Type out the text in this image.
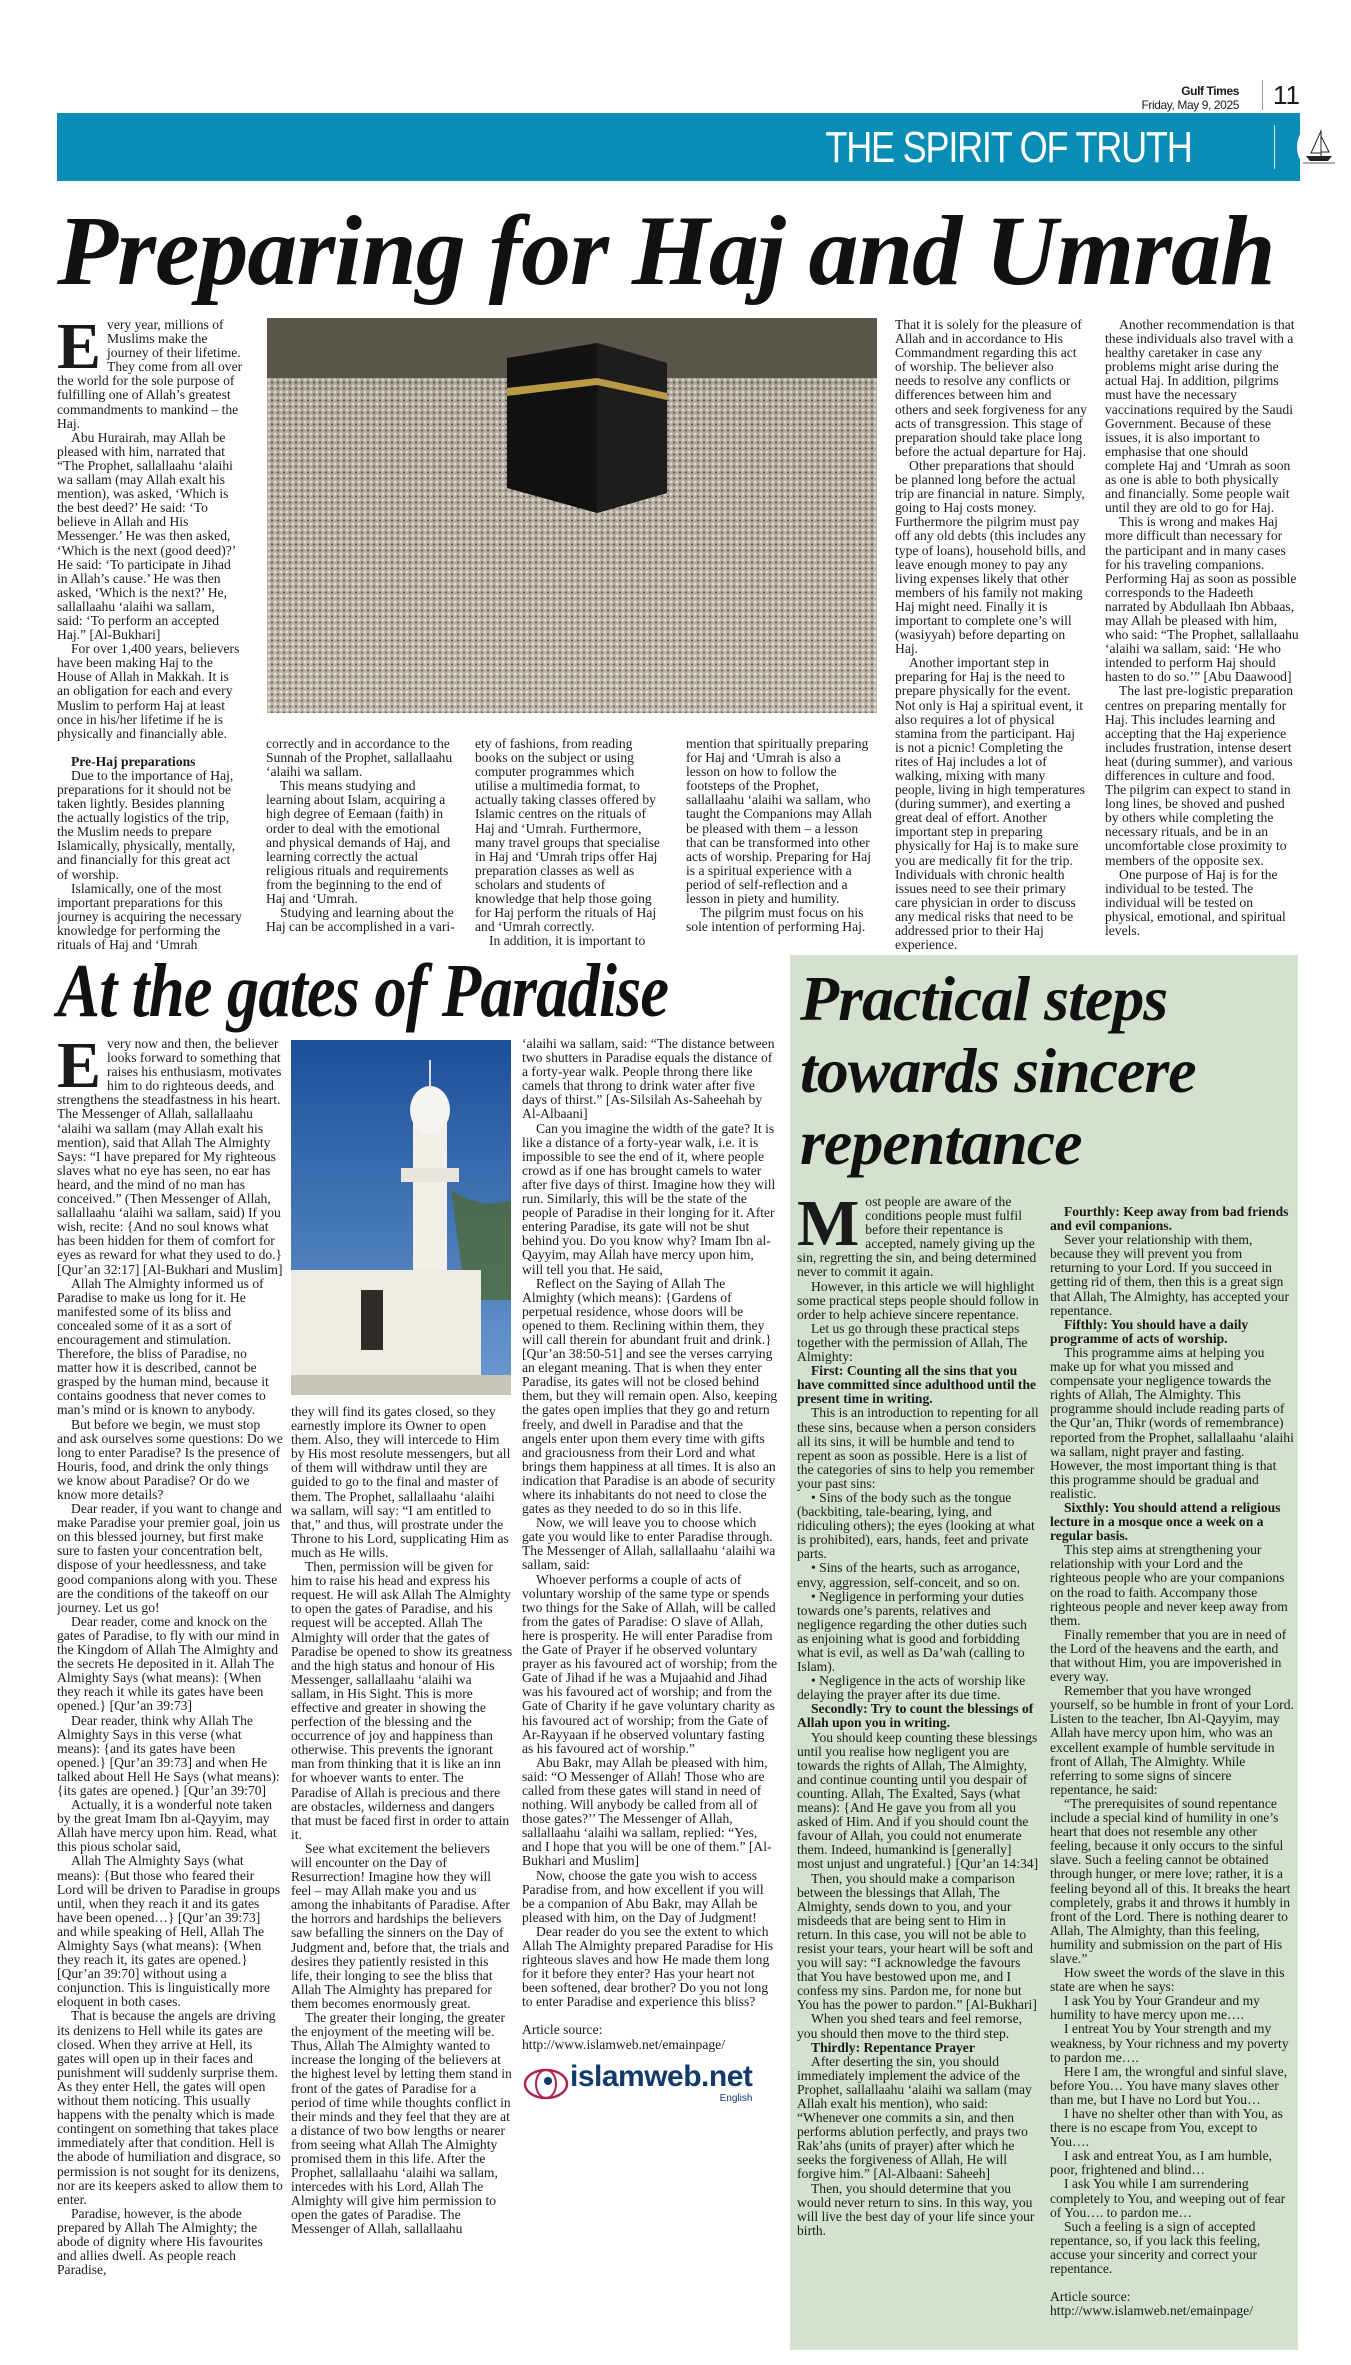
Gulf Times
Friday, May 9, 2025	11
THE SPIRIT OF TRUTH
Preparing for Haj and Umrah

Every year, millions of Muslims make the journey of their lifetime. They come from all over the world for the sole purpose of fulfilling one of Allah’s greatest commandments to mankind – the Haj.

Abu Hurairah, may Allah be pleased with him, narrated that “The Prophet, sallallaahu ‘alaihi wa sallam (may Allah exalt his mention), was asked, ‘Which is the best deed?’ He said: ‘To believe in Allah and His Messenger.’ He was then asked, ‘Which is the next (good deed)?’ He said: ‘To participate in Jihad in Allah’s cause.’ He was then asked, ‘Which is the next?’ He, sallallaahu ‘alaihi wa sallam, said: ‘To perform an accepted Haj.” [Al-Bukhari]

For over 1,400 years, believers have been making Haj to the House of Allah in Makkah. It is an obligation for each and every Muslim to perform Haj at least once in his/her lifetime if he is physically and financially able.

Pre-Haj preparations

Due to the importance of Haj, preparations for it should not be taken lightly. Besides planning the actually logistics of the trip, the Muslim needs to prepare Islamically, physically, mentally, and financially for this great act of worship.

Islamically, one of the most important preparations for this journey is acquiring the necessary knowledge for performing the rituals of Haj and ‘Umrah

correctly and in accordance to the Sunnah of the Prophet, sallallaahu ‘alaihi wa sallam.

This means studying and learning about Islam, acquiring a high degree of Eemaan (faith) in order to deal with the emotional and physical demands of Haj, and learning correctly the actual religious rituals and requirements from the beginning to the end of Haj and ‘Umrah.

Studying and learning about the Haj can be accomplished in a vari-

ety of fashions, from reading books on the subject or using computer programmes which utilise a multimedia format, to actually taking classes offered by Islamic centres on the rituals of Haj and ‘Umrah. Furthermore, many travel groups that specialise in Haj and ‘Umrah trips offer Haj preparation classes as well as scholars and students of knowledge that help those going for Haj perform the rituals of Haj and ‘Umrah correctly.

In addition, it is important to

mention that spiritually preparing for Haj and ‘Umrah is also a lesson on how to follow the footsteps of the Prophet, sallallaahu ‘alaihi wa sallam, who taught the Companions may Allah be pleased with them – a lesson that can be transformed into other acts of worship. Preparing for Haj is a spiritual experience with a period of self-reflection and a lesson in piety and humility.

The pilgrim must focus on his sole intention of performing Haj.

That it is solely for the pleasure of Allah and in accordance to His Commandment regarding this act of worship. The believer also needs to resolve any conflicts or differences between him and others and seek forgiveness for any acts of transgression. This stage of preparation should take place long before the actual departure for Haj.

Other preparations that should be planned long before the actual trip are financial in nature. Simply, going to Haj costs money. Furthermore the pilgrim must pay off any old debts (this includes any type of loans), household bills, and leave enough money to pay any living expenses likely that other members of his family not making Haj might need. Finally it is important to complete one’s will (wasiyyah) before departing on Haj.

Another important step in preparing for Haj is the need to prepare physically for the event. Not only is Haj a spiritual event, it also requires a lot of physical stamina from the participant. Haj is not a picnic! Completing the rites of Haj includes a lot of walking, mixing with many people, living in high temperatures (during summer), and exerting a great deal of effort. Another important step in preparing physically for Haj is to make sure you are medically fit for the trip. Individuals with chronic health issues need to see their primary care physician in order to discuss any medical risks that need to be addressed prior to their Haj experience.

Another recommendation is that these individuals also travel with a healthy caretaker in case any problems might arise during the actual Haj. In addition, pilgrims must have the necessary vaccinations required by the Saudi Government. Because of these issues, it is also important to emphasise that one should complete Haj and ‘Umrah as soon as one is able to both physically and financially. Some people wait until they are old to go for Haj.

This is wrong and makes Haj more difficult than necessary for the participant and in many cases for his traveling companions. Performing Haj as soon as possible corresponds to the Hadeeth narrated by Abdullaah Ibn Abbaas, may Allah be pleased with him, who said: “The Prophet, sallallaahu ‘alaihi wa sallam, said: ‘He who intended to perform Haj should hasten to do so.’” [Abu Daawood]

The last pre-logistic preparation centres on preparing mentally for Haj. This includes learning and accepting that the Haj experience includes frustration, intense desert heat (during summer), and various differences in culture and food. The pilgrim can expect to stand in long lines, be shoved and pushed by others while completing the necessary rituals, and be in an uncomfortable close proximity to members of the opposite sex.

One purpose of Haj is for the individual to be tested. The individual will be tested on physical, emotional, and spiritual levels.

At the gates of Paradise

Every now and then, the believer looks forward to something that raises his enthusiasm, motivates him to do righteous deeds, and strengthens the steadfastness in his heart. The Messenger of Allah, sallallaahu ‘alaihi wa sallam (may Allah exalt his mention), said that Allah The Almighty Says: “I have prepared for My righteous slaves what no eye has seen, no ear has heard, and the mind of no man has conceived.” (Then Messenger of Allah, sallallaahu ‘alaihi wa sallam, said) If you wish, recite: {And no soul knows what has been hidden for them of comfort for eyes as reward for what they used to do.} [Qur’an 32:17] [Al-Bukhari and Muslim]

Allah The Almighty informed us of Paradise to make us long for it. He manifested some of its bliss and concealed some of it as a sort of encouragement and stimulation. Therefore, the bliss of Paradise, no matter how it is described, cannot be grasped by the human mind, because it contains goodness that never comes to man’s mind or is known to anybody.

But before we begin, we must stop and ask ourselves some questions: Do we long to enter Paradise? Is the presence of Houris, food, and drink the only things we know about Paradise? Or do we know more details?

Dear reader, if you want to change and make Paradise your premier goal, join us on this blessed journey, but first make sure to fasten your concentration belt, dispose of your heedlessness, and take good companions along with you. These are the conditions of the takeoff on our journey. Let us go!

Dear reader, come and knock on the gates of Paradise, to fly with our mind in the Kingdom of Allah The Almighty and the secrets He deposited in it. Allah The Almighty Says (what means): {When they reach it while its gates have been opened.} [Qur’an 39:73]

Dear reader, think why Allah The Almighty Says in this verse (what means): {and its gates have been opened.} [Qur’an 39:73] and when He talked about Hell He Says (what means): {its gates are opened.} [Qur’an 39:70]

Actually, it is a wonderful note taken by the great Imam Ibn al-Qayyim, may Allah have mercy upon him. Read, what this pious scholar said,

Allah The Almighty Says (what means): {But those who feared their Lord will be driven to Paradise in groups until, when they reach it and its gates have been opened…} [Qur’an 39:73] and while speaking of Hell, Allah The Almighty Says (what means): {When they reach it, its gates are opened.} [Qur’an 39:70] without using a conjunction. This is linguistically more eloquent in both cases.

That is because the angels are driving its denizens to Hell while its gates are closed. When they arrive at Hell, its gates will open up in their faces and punishment will suddenly surprise them. As they enter Hell, the gates will open without them noticing. This usually happens with the penalty which is made contingent on something that takes place immediately after that condition. Hell is the abode of humiliation and disgrace, so permission is not sought for its denizens, nor are its keepers asked to allow them to enter.

Paradise, however, is the abode prepared by Allah The Almighty; the abode of dignity where His favourites and allies dwell. As people reach Paradise,

they will find its gates closed, so they earnestly implore its Owner to open them. Also, they will intercede to Him by His most resolute messengers, but all of them will withdraw until they are guided to go to the final and master of them. The Prophet, sallallaahu ‘alaihi wa sallam, will say: “I am entitled to that,” and thus, will prostrate under the Throne to his Lord, supplicating Him as much as He wills.

Then, permission will be given for him to raise his head and express his request. He will ask Allah The Almighty to open the gates of Paradise, and his request will be accepted. Allah The Almighty will order that the gates of Paradise be opened to show its greatness and the high status and honour of His Messenger, sallallaahu ‘alaihi wa sallam, in His Sight. This is more effective and greater in showing the perfection of the blessing and the occurrence of joy and happiness than otherwise. This prevents the ignorant man from thinking that it is like an inn for whoever wants to enter. The Paradise of Allah is precious and there are obstacles, wilderness and dangers that must be faced first in order to attain it.

See what excitement the believers will encounter on the Day of Resurrection! Imagine how they will feel – may Allah make you and us among the inhabitants of Paradise. After the horrors and hardships the believers saw befalling the sinners on the Day of Judgment and, before that, the trials and desires they patiently resisted in this life, their longing to see the bliss that Allah The Almighty has prepared for them becomes enormously great.

The greater their longing, the greater the enjoyment of the meeting will be. Thus, Allah The Almighty wanted to increase the longing of the believers at the highest level by letting them stand in front of the gates of Paradise for a period of time while thoughts conflict in their minds and they feel that they are at a distance of two bow lengths or nearer from seeing what Allah The Almighty promised them in this life. After the Prophet, sallallaahu ‘alaihi wa sallam, intercedes with his Lord, Allah The Almighty will give him permission to open the gates of Paradise. The Messenger of Allah, sallallaahu

‘alaihi wa sallam, said: “The distance between two shutters in Paradise equals the distance of a forty-year walk. People throng there like camels that throng to drink water after five days of thirst.” [As-Silsilah As-Saheehah by Al-Albaani]

Can you imagine the width of the gate? It is like a distance of a forty-year walk, i.e. it is impossible to see the end of it, where people crowd as if one has brought camels to water after five days of thirst. Imagine how they will run. Similarly, this will be the state of the people of Paradise in their longing for it. After entering Paradise, its gate will not be shut behind you. Do you know why? Imam Ibn al-Qayyim, may Allah have mercy upon him, will tell you that. He said,

Reflect on the Saying of Allah The Almighty (which means): {Gardens of perpetual residence, whose doors will be opened to them. Reclining within them, they will call therein for abundant fruit and drink.} [Qur’an 38:50-51] and see the verses carrying an elegant meaning. That is when they enter Paradise, its gates will not be closed behind them, but they will remain open. Also, keeping the gates open implies that they go and return freely, and dwell in Paradise and that the angels enter upon them every time with gifts and graciousness from their Lord and what brings them happiness at all times. It is also an indication that Paradise is an abode of security where its inhabitants do not need to close the gates as they needed to do so in this life.

Now, we will leave you to choose which gate you would like to enter Paradise through. The Messenger of Allah, sallallaahu ‘alaihi wa sallam, said:

Whoever performs a couple of acts of voluntary worship of the same type or spends two things for the Sake of Allah, will be called from the gates of Paradise: O slave of Allah, here is prosperity. He will enter Paradise from the Gate of Prayer if he observed voluntary prayer as his favoured act of worship; from the Gate of Jihad if he was a Mujaahid and Jihad was his favoured act of worship; and from the Gate of Charity if he gave voluntary charity as his favoured act of worship; from the Gate of Ar-Rayyaan if he observed voluntary fasting as his favoured act of worship.”

Abu Bakr, may Allah be pleased with him, said: “O Messenger of Allah! Those who are called from these gates will stand in need of nothing. Will anybody be called from all of those gates?’’ The Messenger of Allah, sallallaahu ‘alaihi wa sallam, replied: “Yes, and I hope that you will be one of them.” [Al-Bukhari and Muslim]

Now, choose the gate you wish to access Paradise from, and how excellent if you will be a companion of Abu Bakr, may Allah be pleased with him, on the Day of Judgment!

Dear reader do you see the extent to which Allah The Almighty prepared Paradise for His righteous slaves and how He made them long for it before they enter? Has your heart not been softened, dear brother? Do you not long to enter Paradise and experience this bliss?

Article source: http://www.islamweb.net/emainpage/

islamweb.net
English
Practical steps towards sincere repentance

Most people are aware of the conditions people must fulfil before their repentance is accepted, namely giving up the sin, regretting the sin, and being determined never to commit it again.

However, in this article we will highlight some practical steps people should follow in order to help achieve sincere repentance.

Let us go through these practical steps together with the permission of Allah, The Almighty:

First: Counting all the sins that you have committed since adulthood until the present time in writing.

This is an introduction to repenting for all these sins, because when a person considers all its sins, it will be humble and tend to repent as soon as possible. Here is a list of the categories of sins to help you remember your past sins:

• Sins of the body such as the tongue (backbiting, tale-bearing, lying, and ridiculing others); the eyes (looking at what is prohibited), ears, hands, feet and private parts.

• Sins of the hearts, such as arrogance, envy, aggression, self-conceit, and so on.

• Negligence in performing your duties towards one’s parents, relatives and negligence regarding the other duties such as enjoining what is good and forbidding what is evil, as well as Da’wah (calling to Islam).

• Negligence in the acts of worship like delaying the prayer after its due time.

Secondly: Try to count the blessings of Allah upon you in writing.

You should keep counting these blessings until you realise how negligent you are towards the rights of Allah, The Almighty, and continue counting until you despair of counting. Allah, The Exalted, Says (what means): {And He gave you from all you asked of Him. And if you should count the favour of Allah, you could not enumerate them. Indeed, humankind is [generally] most unjust and ungrateful.} [Qur’an 14:34]

Then, you should make a comparison between the blessings that Allah, The Almighty, sends down to you, and your misdeeds that are being sent to Him in return. In this case, you will not be able to resist your tears, your heart will be soft and you will say: “I acknowledge the favours that You have bestowed upon me, and I confess my sins. Pardon me, for none but You has the power to pardon.” [Al-Bukhari]

When you shed tears and feel remorse, you should then move to the third step.

Thirdly: Repentance Prayer

After deserting the sin, you should immediately implement the advice of the Prophet, sallallaahu ‘alaihi wa sallam (may Allah exalt his mention), who said: “Whenever one commits a sin, and then performs ablution perfectly, and prays two Rak’ahs (units of prayer) after which he seeks the forgiveness of Allah, He will forgive him.” [Al-Albaani: Saheeh]

Then, you should determine that you would never return to sins. In this way, you will live the best day of your life since your birth.

Fourthly: Keep away from bad friends and evil companions.

Sever your relationship with them, because they will prevent you from returning to your Lord. If you succeed in getting rid of them, then this is a great sign that Allah, The Almighty, has accepted your repentance.

Fifthly: You should have a daily programme of acts of worship.

This programme aims at helping you make up for what you missed and compensate your negligence towards the rights of Allah, The Almighty. This programme should include reading parts of the Qur’an, Thikr (words of remembrance) reported from the Prophet, sallallaahu ‘alaihi wa sallam, night prayer and fasting. However, the most important thing is that this programme should be gradual and realistic.

Sixthly: You should attend a religious lecture in a mosque once a week on a regular basis.

This step aims at strengthening your relationship with your Lord and the righteous people who are your companions on the road to faith. Accompany those righteous people and never keep away from them.

Finally remember that you are in need of the Lord of the heavens and the earth, and that without Him, you are impoverished in every way.

Remember that you have wronged yourself, so be humble in front of your Lord. Listen to the teacher, Ibn Al-Qayyim, may Allah have mercy upon him, who was an excellent example of humble servitude in front of Allah, The Almighty. While referring to some signs of sincere repentance, he said:

“The prerequisites of sound repentance include a special kind of humility in one’s heart that does not resemble any other feeling, because it only occurs to the sinful slave. Such a feeling cannot be obtained through hunger, or mere love; rather, it is a feeling beyond all of this. It breaks the heart completely, grabs it and throws it humbly in front of the Lord. There is nothing dearer to Allah, The Almighty, than this feeling, humility and submission on the part of His slave.”

How sweet the words of the slave in this state are when he says:

I ask You by Your Grandeur and my humility to have mercy upon me….

I entreat You by Your strength and my weakness, by Your richness and my poverty to pardon me….

Here I am, the wrongful and sinful slave, before You… You have many slaves other than me, but I have no Lord but You…

I have no shelter other than with You, as there is no escape from You, except to You….

I ask and entreat You, as I am humble, poor, frightened and blind…

I ask You while I am surrendering completely to You, and weeping out of fear of You…. to pardon me…

Such a feeling is a sign of accepted repentance, so, if you lack this feeling, accuse your sincerity and correct your repentance.

Article source: http://www.islamweb.net/emainpage/
